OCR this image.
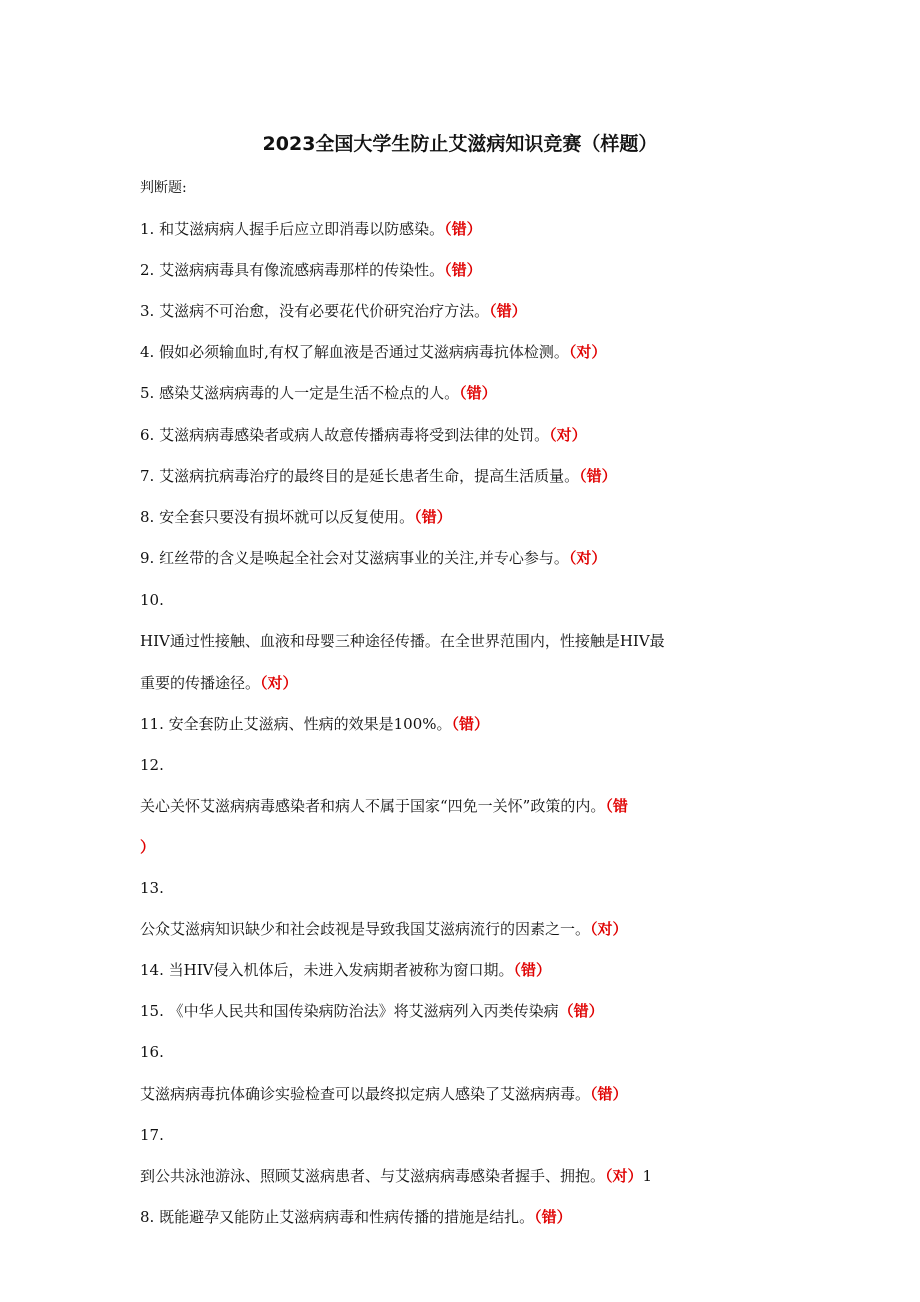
2023全国大学生防止艾滋病知识竞赛（样题）
判断题:
1. 和艾滋病病人握手后应立即消毒以防感染。（错）
2. 艾滋病病毒具有像流感病毒那样的传染性。（错）
3. 艾滋病不可治愈，没有必要花代价研究治疗方法。（错）
4. 假如必须输血时,有权了解血液是否通过艾滋病病毒抗体检测。（对）
5. 感染艾滋病病毒的人一定是生活不检点的人。（错）
6. 艾滋病病毒感染者或病人故意传播病毒将受到法律的处罚。（对）
7. 艾滋病抗病毒治疗的最终目的是延长患者生命，提高生活质量。（错）
8. 安全套只要没有损坏就可以反复使用。（错）
9. 红丝带的含义是唤起全社会对艾滋病事业的关注,并专心参与。（对）
10.
HIV通过性接触、血液和母婴三种途径传播。在全世界范围内，性接触是HIV最
重要的传播途径。（对）
11. 安全套防止艾滋病、性病的效果是100%。（错）
12.
关心关怀艾滋病病毒感染者和病人不属于国家“四免一关怀”政策的内。（错
）
13.
公众艾滋病知识缺少和社会歧视是导致我国艾滋病流行的因素之一。（对）
14. 当HIV侵入机体后，未进入发病期者被称为窗口期。（错）
15. 《中华人民共和国传染病防治法》将艾滋病列入丙类传染病（错）
16.
艾滋病病毒抗体确诊实验检查可以最终拟定病人感染了艾滋病病毒。（错）
17.
到公共泳池游泳、照顾艾滋病患者、与艾滋病病毒感染者握手、拥抱。（对）1
8. 既能避孕又能防止艾滋病病毒和性病传播的措施是结扎。（错）
